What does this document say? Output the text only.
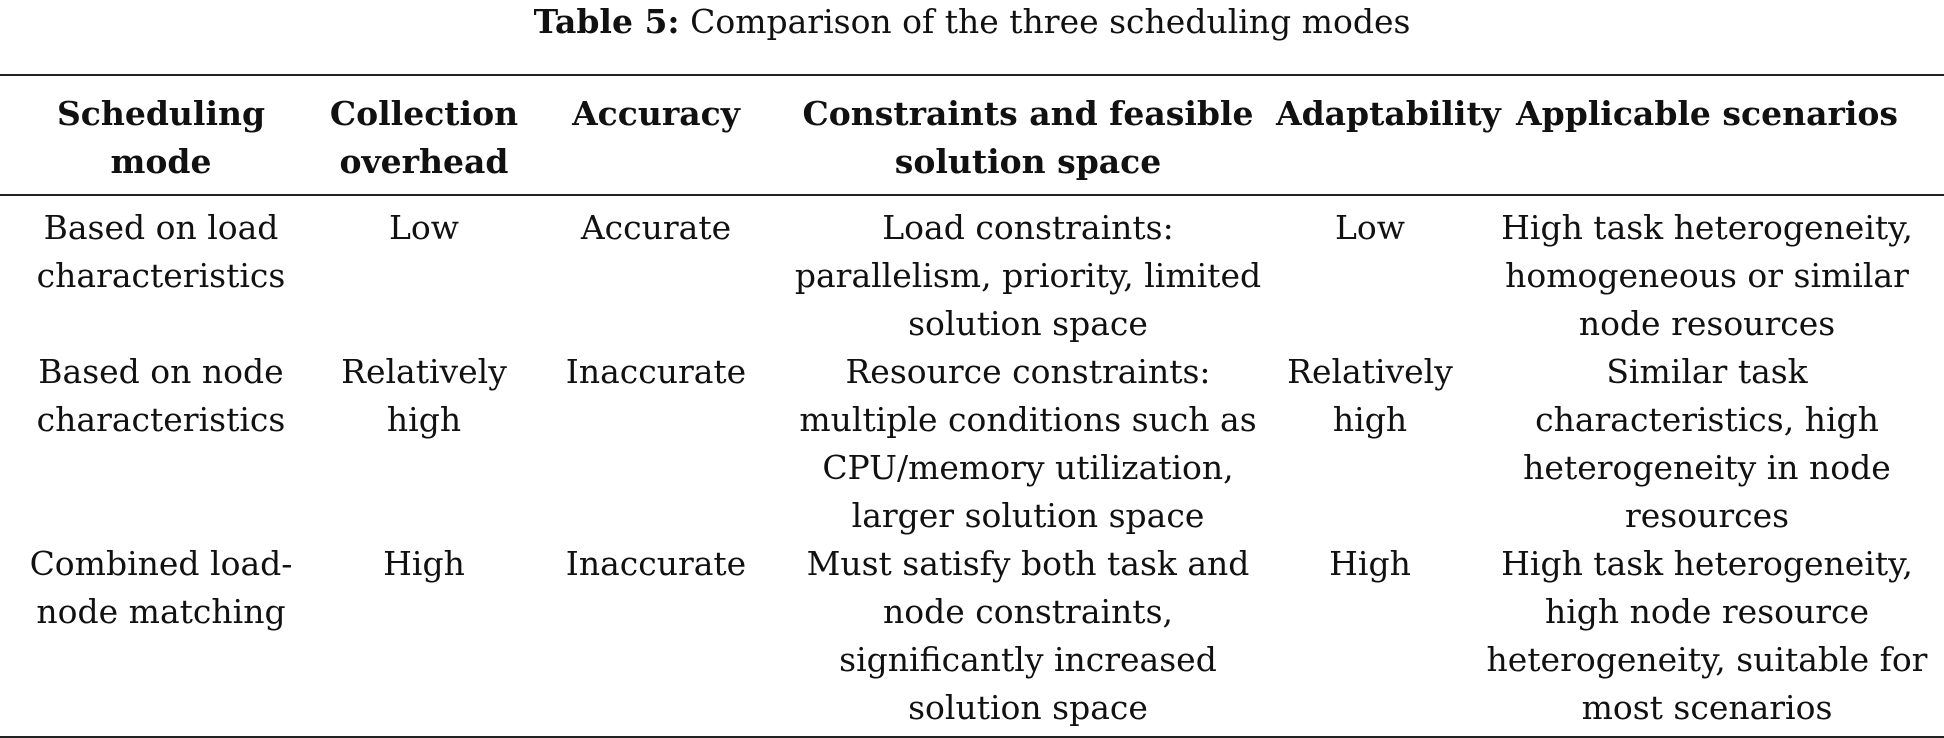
Table 5: Comparison of the three scheduling modes
Scheduling mode	Collection overhead	Accuracy	Constraints and feasible solution space	Adaptability	Applicable scenarios
Based on load characteristics	Low	Accurate	Load constraints: parallelism, priority, limited solution space	Low	High task heterogeneity, homogeneous or similar node resources
Based on node characteristics	Relatively high	Inaccurate	Resource constraints: multiple conditions such as CPU/memory utilization, larger solution space	Relatively high	Similar task characteristics, high heterogeneity in node resources
Combined load-node matching	High	Inaccurate	Must satisfy both task and node constraints, significantly increased solution space	High	High task heterogeneity, high node resource heterogeneity, suitable for most scenarios
